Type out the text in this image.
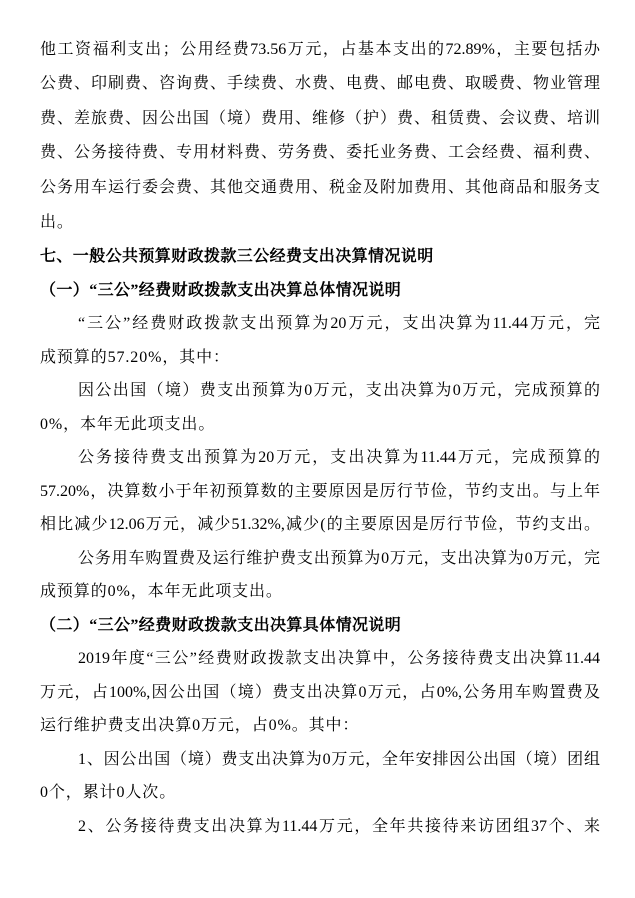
他工资福利支出；公用经费73.56万元，占基本支出的72.89%，主要包括办
公费、印刷费、咨询费、手续费、水费、电费、邮电费、取暖费、物业管理
费、差旅费、因公出国（境）费用、维修（护）费、租赁费、会议费、培训
费、公务接待费、专用材料费、劳务费、委托业务费、工会经费、福利费、
公务用车运行委会费、其他交通费用、税金及附加费用、其他商品和服务支
出。
七、一般公共预算财政拨款三公经费支出决算情况说明
（一）“三公”经费财政拨款支出决算总体情况说明
“三公”经费财政拨款支出预算为20万元，支出决算为11.44万元，完
成预算的57.20%，其中：
因公出国（境）费支出预算为0万元，支出决算为0万元，完成预算的
0%，本年无此项支出。
公务接待费支出预算为20万元，支出决算为11.44万元，完成预算的
57.20%，决算数小于年初预算数的主要原因是厉行节俭，节约支出。与上年
相比减少12.06万元，减少51.32%,减少(的主要原因是厉行节俭，节约支出。
公务用车购置费及运行维护费支出预算为0万元，支出决算为0万元，完
成预算的0%，本年无此项支出。
（二）“三公”经费财政拨款支出决算具体情况说明
2019年度“三公”经费财政拨款支出决算中，公务接待费支出决算11.44
万元，占100%,因公出国（境）费支出决算0万元，占0%,公务用车购置费及
运行维护费支出决算0万元，占0%。其中：
1、因公出国（境）费支出决算为0万元，全年安排因公出国（境）团组
0个，累计0人次。
2、公务接待费支出决算为11.44万元，全年共接待来访团组37个、来
